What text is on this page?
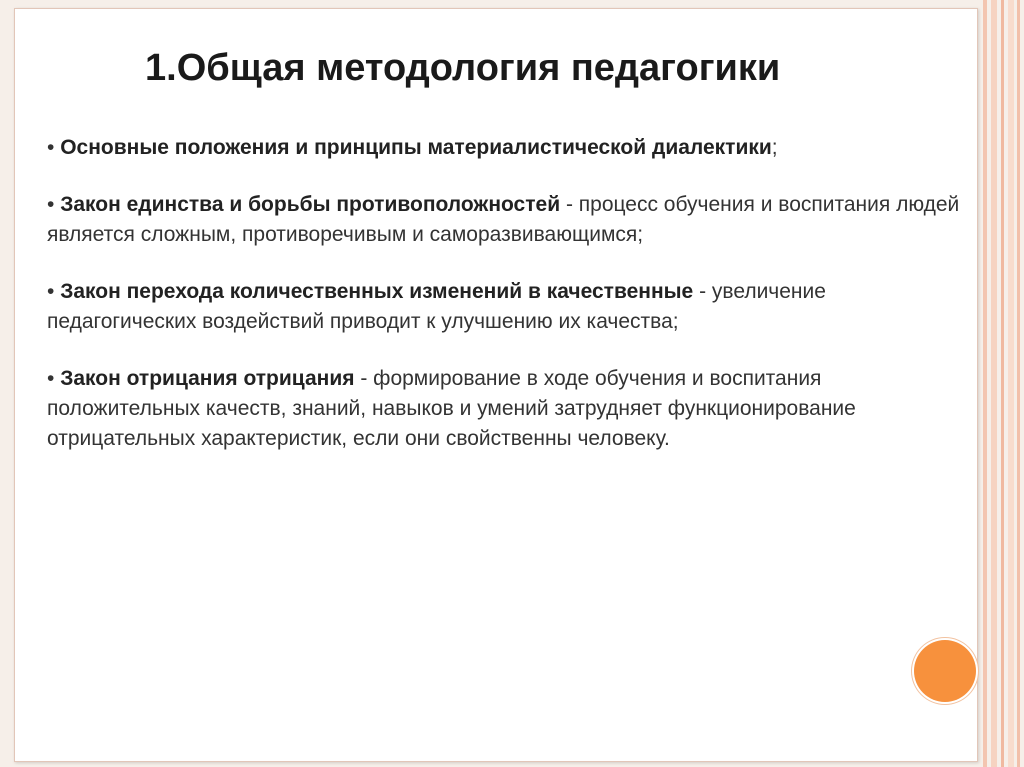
1.Общая методология педагогики

• Основные положения и принципы материалистической диалектики;

• Закон единства и борьбы противоположностей - процесс обучения и воспитания людей является сложным, противоречивым и саморазвивающимся;

• Закон перехода количественных изменений в качественные - увеличение педагогических воздействий приводит к улучшению их качества;

• Закон отрицания отрицания - формирование в ходе обучения и воспитания положительных качеств, знаний, навыков и умений затрудняет функционирование отрицательных характеристик, если они свойственны человеку.
